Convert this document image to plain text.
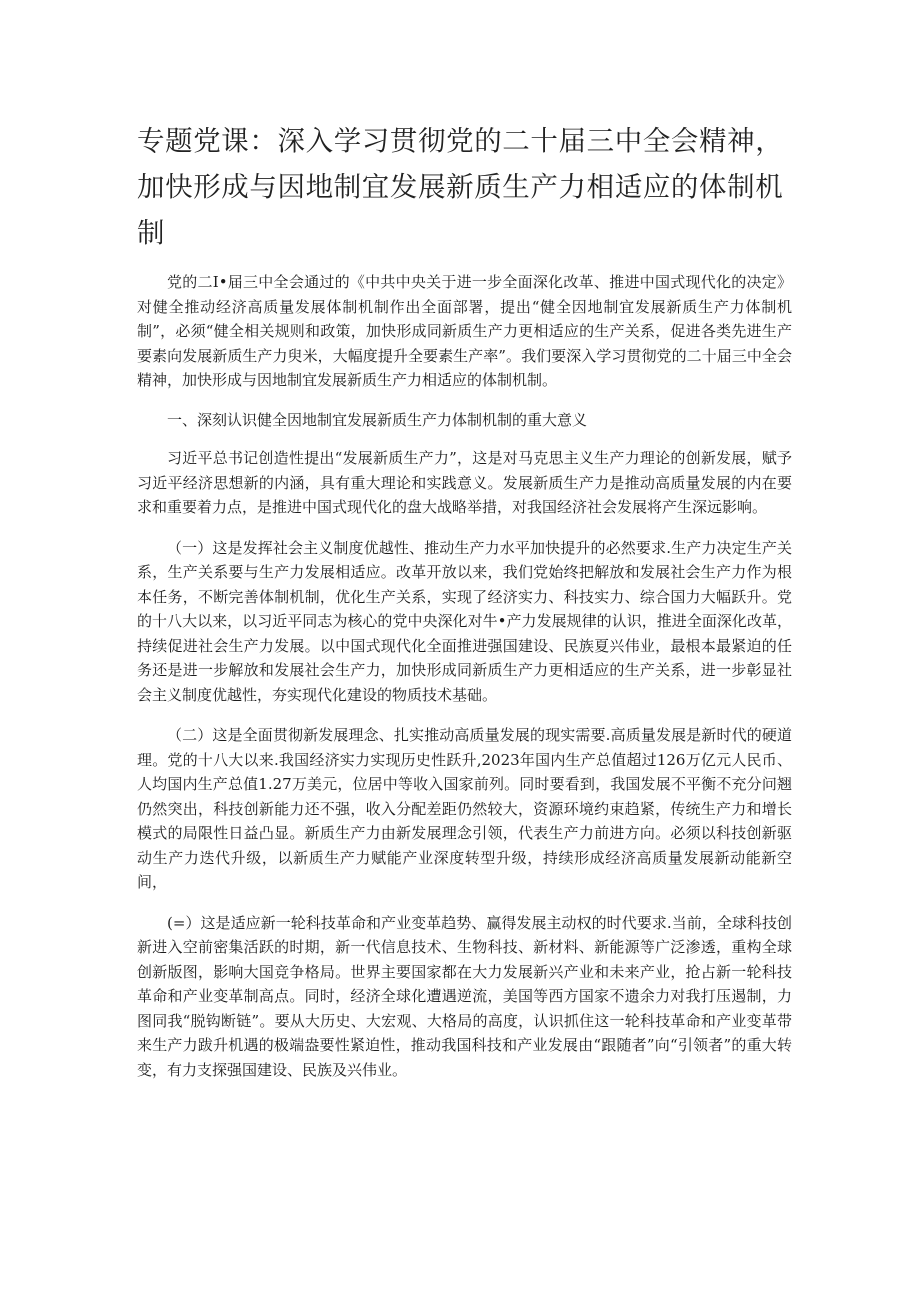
专题党课：深入学习贯彻党的二十届三中全会精神，加快形成与因地制宜发展新质生产力相适应的体制机制

党的二I•届三中全会通过的《中共中央关于进一步全面深化改革、推进中国式现代化的决定》对健全推动经济高质量发展体制机制作出全面部署，提出“健全因地制宜发展新质生产力体制机制”，必须“健全相关规则和政策，加快形成同新质生产力更相适应的生产关系，促进各类先进生产要素向发展新质生产力臾米，大幅度提升全要素生产率”。我们要深入学习贯彻党的二十届三中全会精神，加快形成与因地制宜发展新质生产力相适应的体制机制。

一、深刻认识健全因地制宜发展新质生产力体制机制的重大意义

习近平总书记创造性提出“发展新质生产力”，这是对马克思主义生产力理论的创新发展，赋予习近平经济思想新的内涵，具有重大理论和实践意义。发展新质生产力是推动高质量发展的内在要求和重要着力点，是推进中国式现代化的盘大战略举措，对我国经济社会发展将产生深远影响。

（一）这是发挥社会主义制度优越性、推动生产力水平加快提升的必然要求.生产力决定生产关系，生产关系要与生产力发展相适应。改革开放以来，我们党始终把解放和发展社会生产力作为根本任务，不断完善体制机制，优化生产关系，实现了经济实力、科技实力、综合国力大幅跃升。党的十八大以来，以习近平同志为核心的党中央深化对牛•产力发展规律的认识，推进全面深化改革，持续促进社会生产力发展。以中国式现代化全面推进强国建设、民族夏兴伟业，最根本最紧迫的任务还是进一步解放和发展社会生产力，加快形成同新质生产力更相适应的生产关系，进一步彰显社会主义制度优越性，夯实现代化建设的物质技术基础。

（二）这是全面贯彻新发展理念、扎实推动高质量发展的现实需要.高质量发展是新时代的硬道理。党的十八大以来.我国经济实力实现历史性跃升,2023年国内生产总值超过126万亿元人民币、人均国内生产总值1.27万美元，位居中等收入国家前列。同时要看到，我国发展不平衡不充分问翘仍然突出，科技创新能力还不强，收入分配差距仍然较大，资源环境约束趋紧，传统生产力和增长模式的局限性日益凸显。新质生产力由新发展理念引领，代表生产力前进方向。必须以科技创新驱动生产力迭代升级，以新质生产力赋能产业深度转型升级，持续形成经济高质量发展新动能新空间，

(=）这是适应新一轮科技革命和产业变革趋势、赢得发展主动权的时代要求.当前，全球科技创新进入空前密集活跃的时期，新一代信息技术、生物科技、新材料、新能源等广泛渗透，重构全球创新版图，影响大国竞争格局。世界主要国家都在大力发展新兴产业和未来产业，抢占新一轮科技革命和产业变革制高点。同时，经济全球化遭遇逆流，美国等西方国家不遗余力对我打压遏制，力图同我“脱钩断链”。要从大历史、大宏观、大格局的高度，认识抓住这一轮科技革命和产业变革带来生产力跋升机遇的极端盎要性紧迫性，推动我国科技和产业发展由“跟随者”向“引领者”的重大转变，有力支探强国建设、民族及兴伟业。
